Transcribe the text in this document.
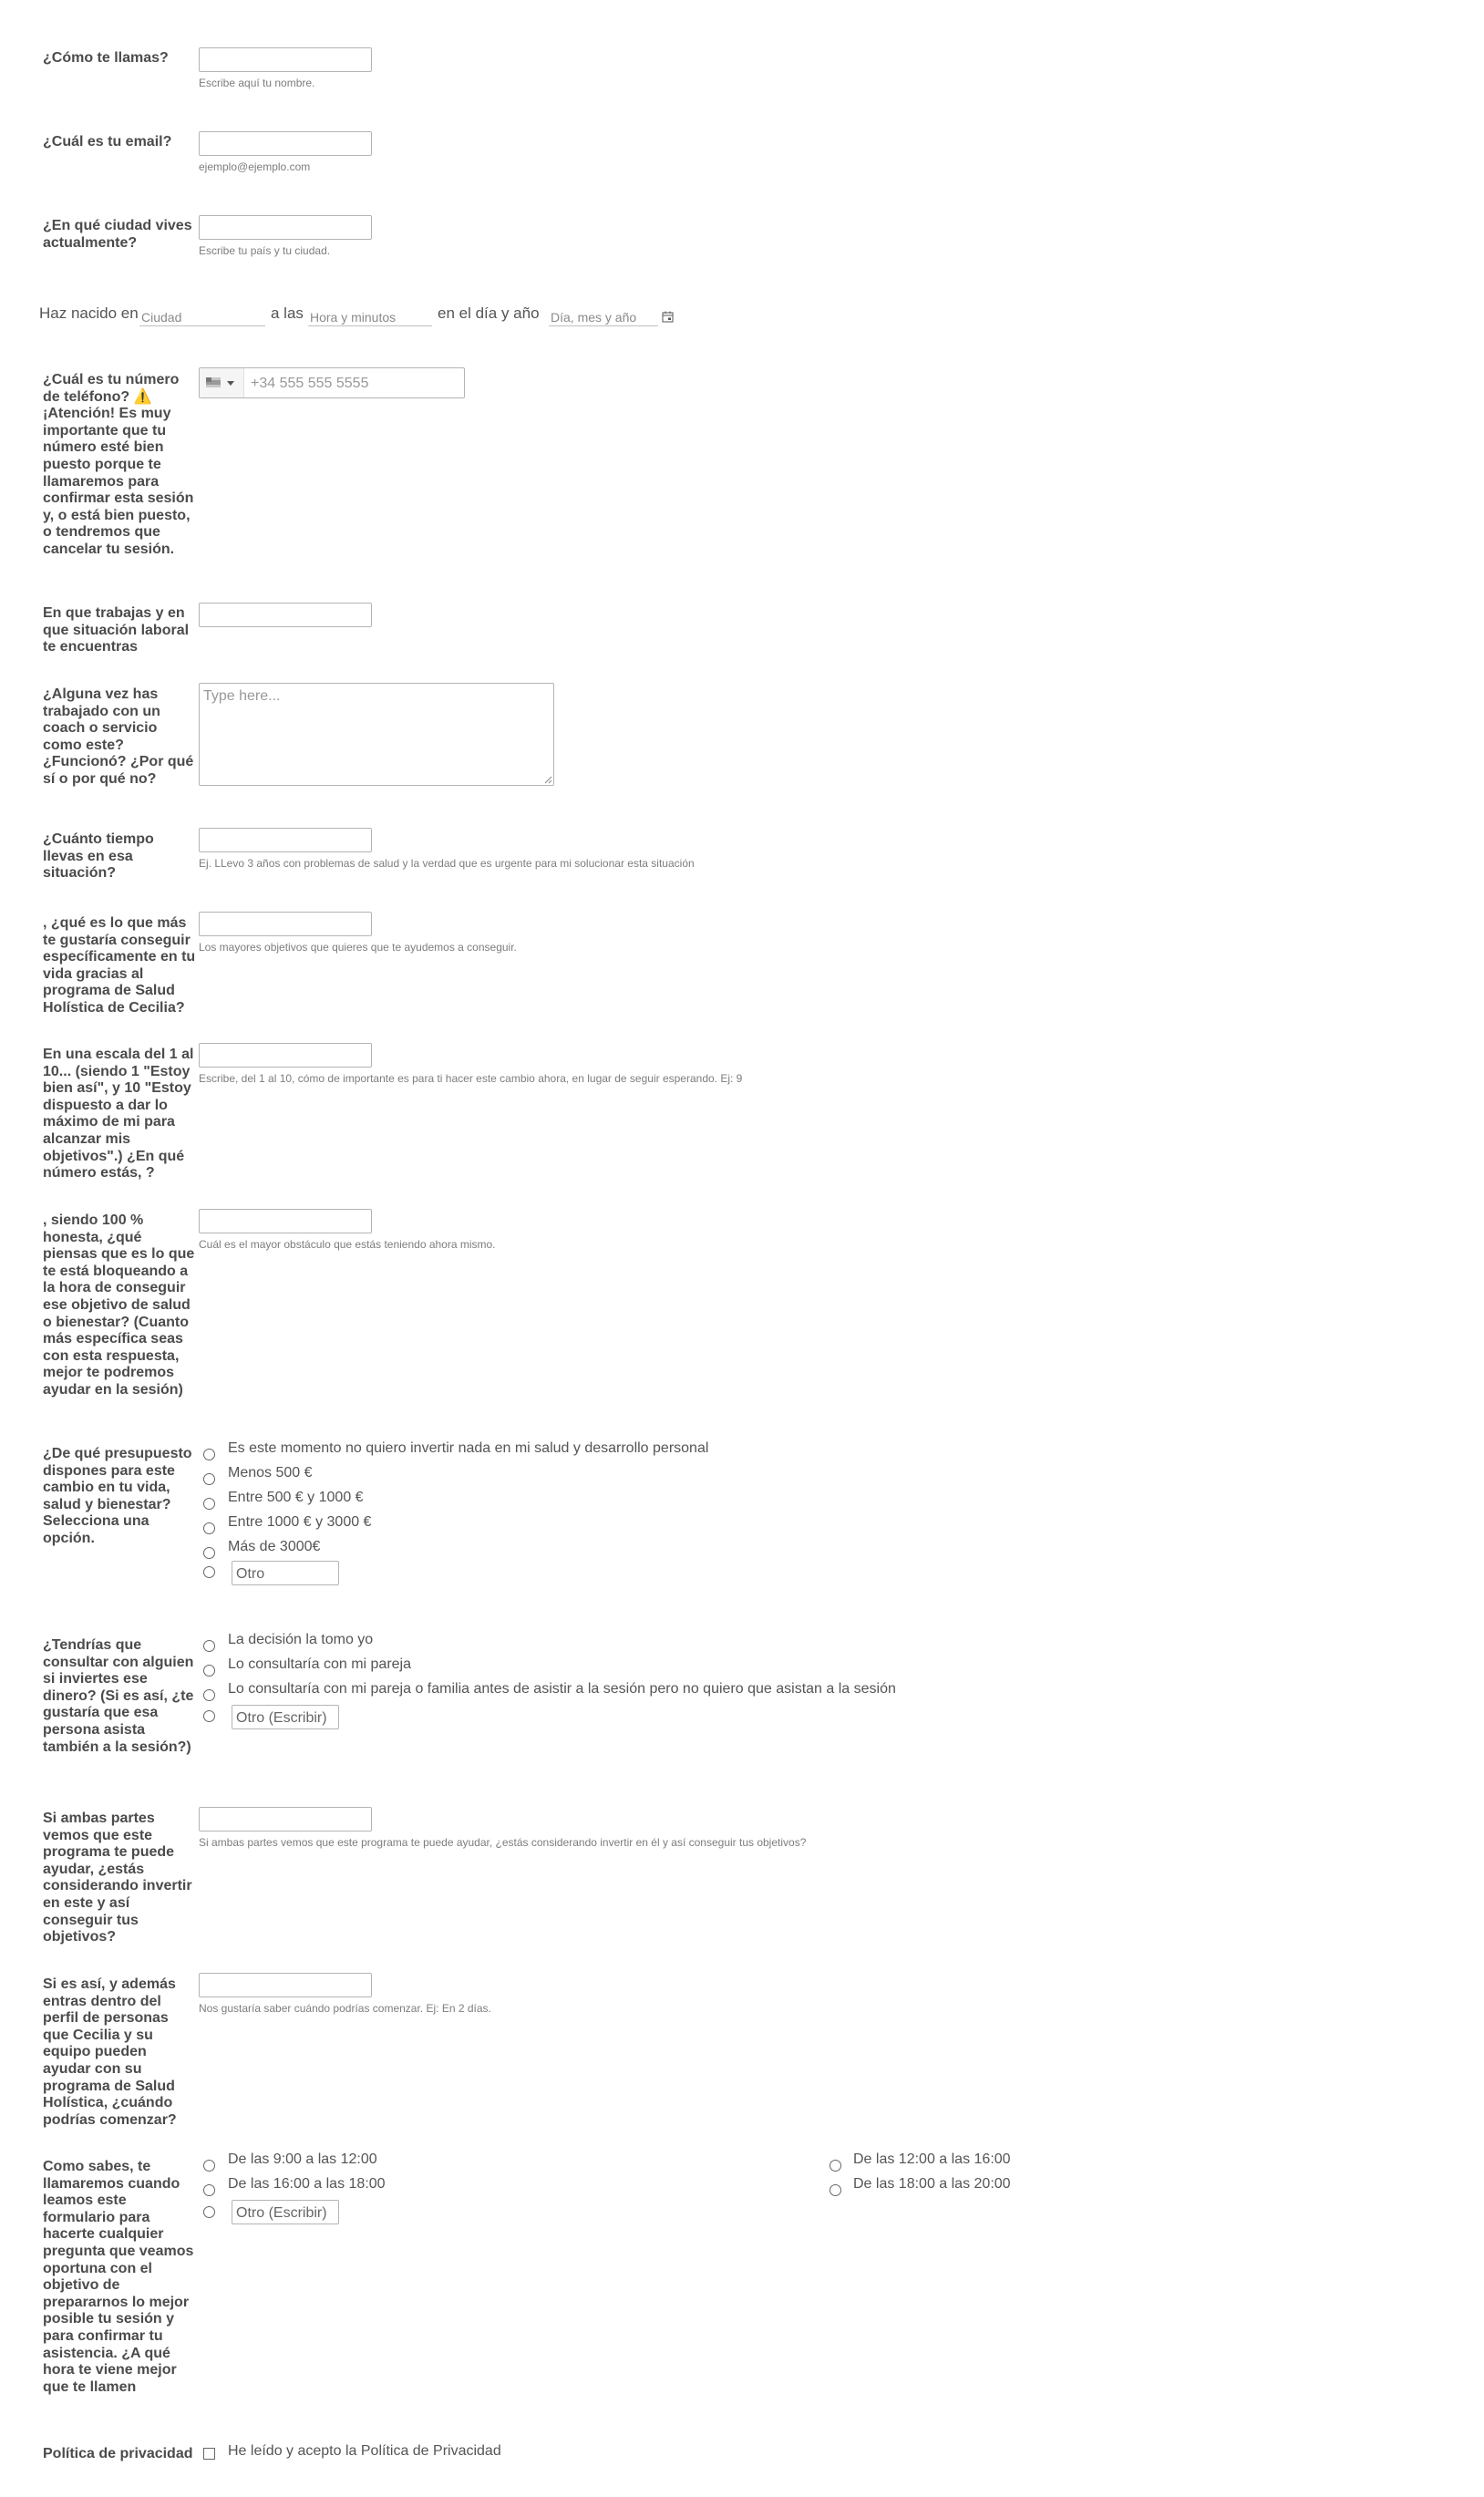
¿Cómo te llamas?
Escribe aquí tu nombre.
¿Cuál es tu email?
ejemplo@ejemplo.com
¿En qué ciudad vives actualmente?
Escribe tu país y tu ciudad.
Haz nacido en Ciudad	a las Hora y minutos	en el día y año Día, mes y año
¿Cuál es tu número de teléfono? ⚠️ ¡Atención! Es muy importante que tu número esté bien puesto porque te llamaremos para confirmar esta sesión y, o está bien puesto, o tendremos que cancelar tu sesión.
+34 555 555 5555
En que trabajas y en que situación laboral te encuentras
¿Alguna vez has trabajado con un coach o servicio como este? ¿Funcionó? ¿Por qué sí o por qué no?
Type here...
¿Cuánto tiempo llevas en esa situación?
Ej. LLevo 3 años con problemas de salud y la verdad que es urgente para mi solucionar esta situación
, ¿qué es lo que más te gustaría conseguir específicamente en tu vida gracias al programa de Salud Holística de Cecilia?
Los mayores objetivos que quieres que te ayudemos a conseguir.
En una escala del 1 al 10... (siendo 1 "Estoy bien así", y 10 "Estoy dispuesto a dar lo máximo de mi para alcanzar mis objetivos".) ¿En qué número estás, ?
Escribe, del 1 al 10, cómo de importante es para ti hacer este cambio ahora, en lugar de seguir esperando. Ej: 9
, siendo 100 % honesta, ¿qué piensas que es lo que te está bloqueando a la hora de conseguir ese objetivo de salud o bienestar? (Cuanto más específica seas con esta respuesta, mejor te podremos ayudar en la sesión)
Cuál es el mayor obstáculo que estás teniendo ahora mismo.
¿De qué presupuesto dispones para este cambio en tu vida, salud y bienestar? Selecciona una opción.
Es este momento no quiero invertir nada en mi salud y desarrollo personal
Menos 500 €
Entre 500 € y 1000 €
Entre 1000 € y 3000 €
Más de 3000€
Otro
¿Tendrías que consultar con alguien si inviertes ese dinero? (Si es así, ¿te gustaría que esa persona asista también a la sesión?)
La decisión la tomo yo
Lo consultaría con mi pareja
Lo consultaría con mi pareja o familia antes de asistir a la sesión pero no quiero que asistan a la sesión
Otro (Escribir)
Si ambas partes vemos que este programa te puede ayudar, ¿estás considerando invertir en este y así conseguir tus objetivos?
Si ambas partes vemos que este programa te puede ayudar, ¿estás considerando invertir en él y así conseguir tus objetivos?
Si es así, y además entras dentro del perfil de personas que Cecilia y su equipo pueden ayudar con su programa de Salud Holística, ¿cuándo podrías comenzar?
Nos gustaría saber cuándo podrías comenzar. Ej: En 2 días.
Como sabes, te llamaremos cuando leamos este formulario para hacerte cualquier pregunta que veamos oportuna con el objetivo de prepararnos lo mejor posible tu sesión y para confirmar tu asistencia. ¿A qué hora te viene mejor que te llamen
De las 9:00 a las 12:00	De las 12:00 a las 16:00
De las 16:00 a las 18:00	De las 18:00 a las 20:00
Otro (Escribir)
Política de privacidad	He leído y acepto la Política de Privacidad
